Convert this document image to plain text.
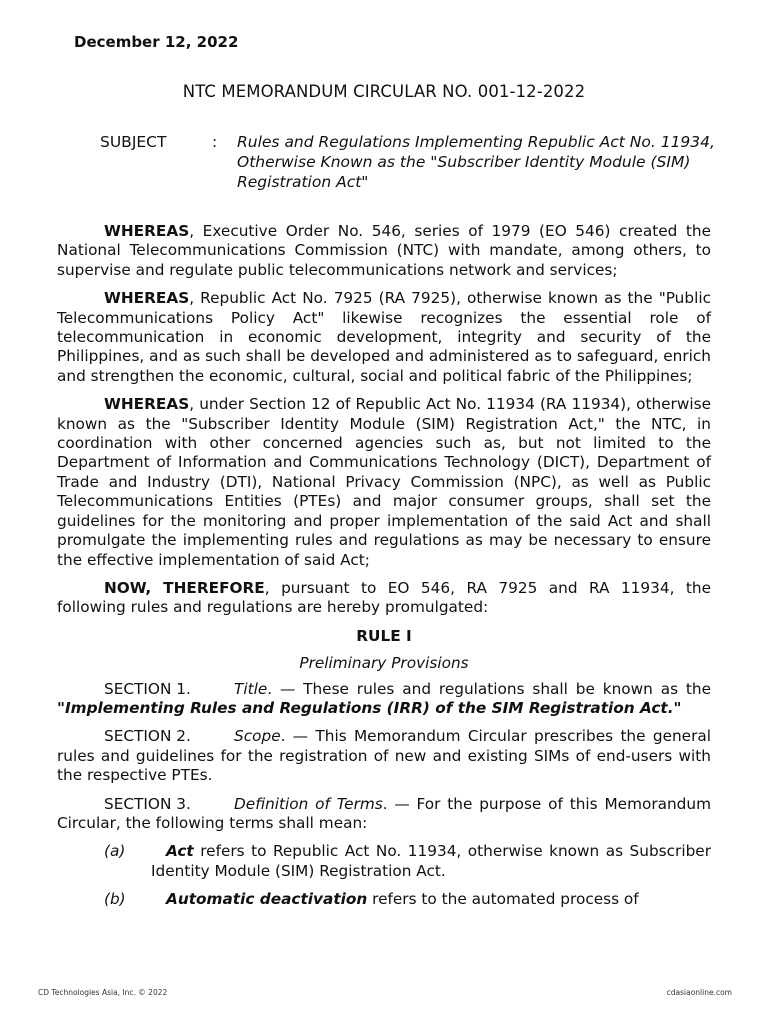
December 12, 2022
NTC MEMORANDUM CIRCULAR NO. 001-12-2022
SUBJECT	: Rules and Regulations Implementing Republic Act No. 11934, Otherwise Known as the "Subscriber Identity Module (SIM) Registration Act"

WHEREAS, Executive Order No. 546, series of 1979 (EO 546) created the National Telecommunications Commission (NTC) with mandate, among others, to supervise and regulate public telecommunications network and services;

WHEREAS, Republic Act No. 7925 (RA 7925), otherwise known as the "Public Telecommunications Policy Act" likewise recognizes the essential role of telecommunication in economic development, integrity and security of the Philippines, and as such shall be developed and administered as to safeguard, enrich and strengthen the economic, cultural, social and political fabric of the Philippines;

WHEREAS, under Section 12 of Republic Act No. 11934 (RA 11934), otherwise known as the "Subscriber Identity Module (SIM) Registration Act," the NTC, in coordination with other concerned agencies such as, but not limited to the Department of Information and Communications Technology (DICT), Department of Trade and Industry (DTI), National Privacy Commission (NPC), as well as Public Telecommunications Entities (PTEs) and major consumer groups, shall set the guidelines for the monitoring and proper implementation of the said Act and shall promulgate the implementing rules and regulations as may be necessary to ensure the effective implementation of said Act;

NOW, THEREFORE, pursuant to EO 546, RA 7925 and RA 11934, the following rules and regulations are hereby promulgated:

RULE I

Preliminary Provisions

SECTION 1.	Title. — These rules and regulations shall be known as the "Implementing Rules and Regulations (IRR) of the SIM Registration Act."

SECTION 2.	Scope. — This Memorandum Circular prescribes the general rules and guidelines for the registration of new and existing SIMs of end-users with the respective PTEs.

SECTION 3.	Definition of Terms. — For the purpose of this Memorandum Circular, the following terms shall mean:

(a)	Act refers to Republic Act No. 11934, otherwise known as Subscriber Identity Module (SIM) Registration Act.

(b)	Automatic deactivation refers to the automated process of

CD Technologies Asia, Inc. © 2022	cdasiaonline.com
